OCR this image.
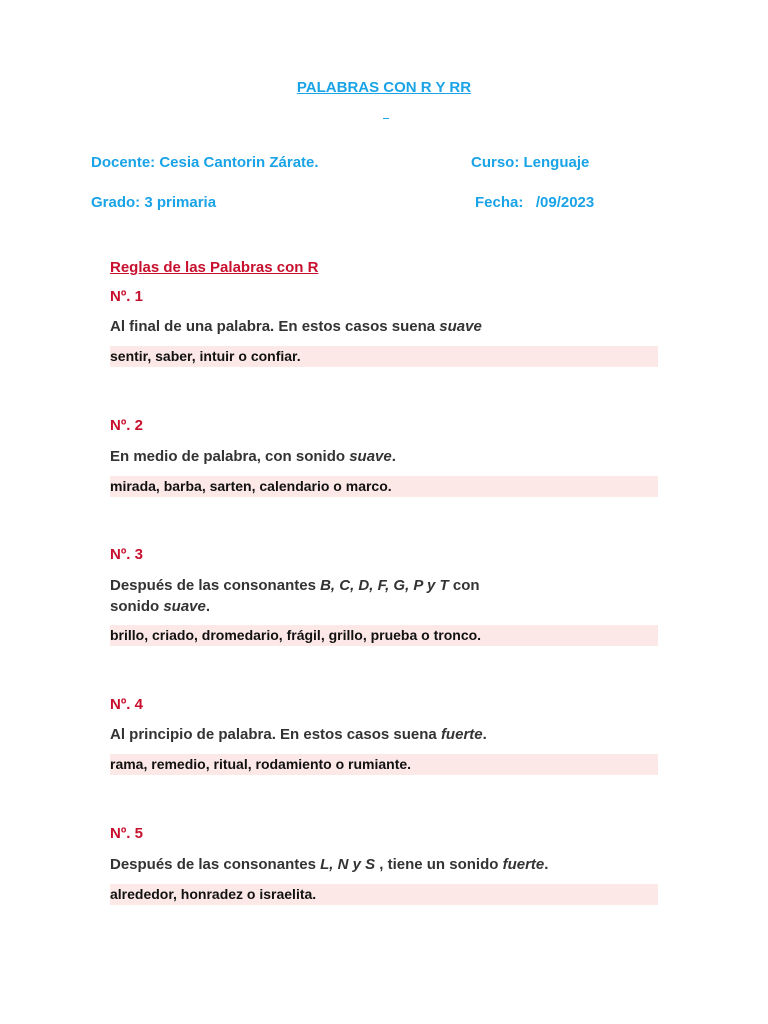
PALABRAS CON R Y RR
Docente: Cesia Cantorin Zárate.	Curso: Lenguaje
Grado: 3 primaria	Fecha:   /09/2023
Reglas de las Palabras con R
Nº. 1
Al final de una palabra. En estos casos suena suave
sentir, saber, intuir o confiar.
Nº. 2
En medio de palabra, con sonido suave.
mirada, barba, sarten, calendario o marco.
Nº. 3
Después de las consonantes B, C, D, F, G, P y T con
sonido suave.
brillo, criado, dromedario, frágil, grillo, prueba o tronco.
Nº. 4
Al principio de palabra. En estos casos suena fuerte.
rama, remedio, ritual, rodamiento o rumiante.
Nº. 5
Después de las consonantes L, N y S , tiene un sonido fuerte.
alrededor, honradez o israelita.
